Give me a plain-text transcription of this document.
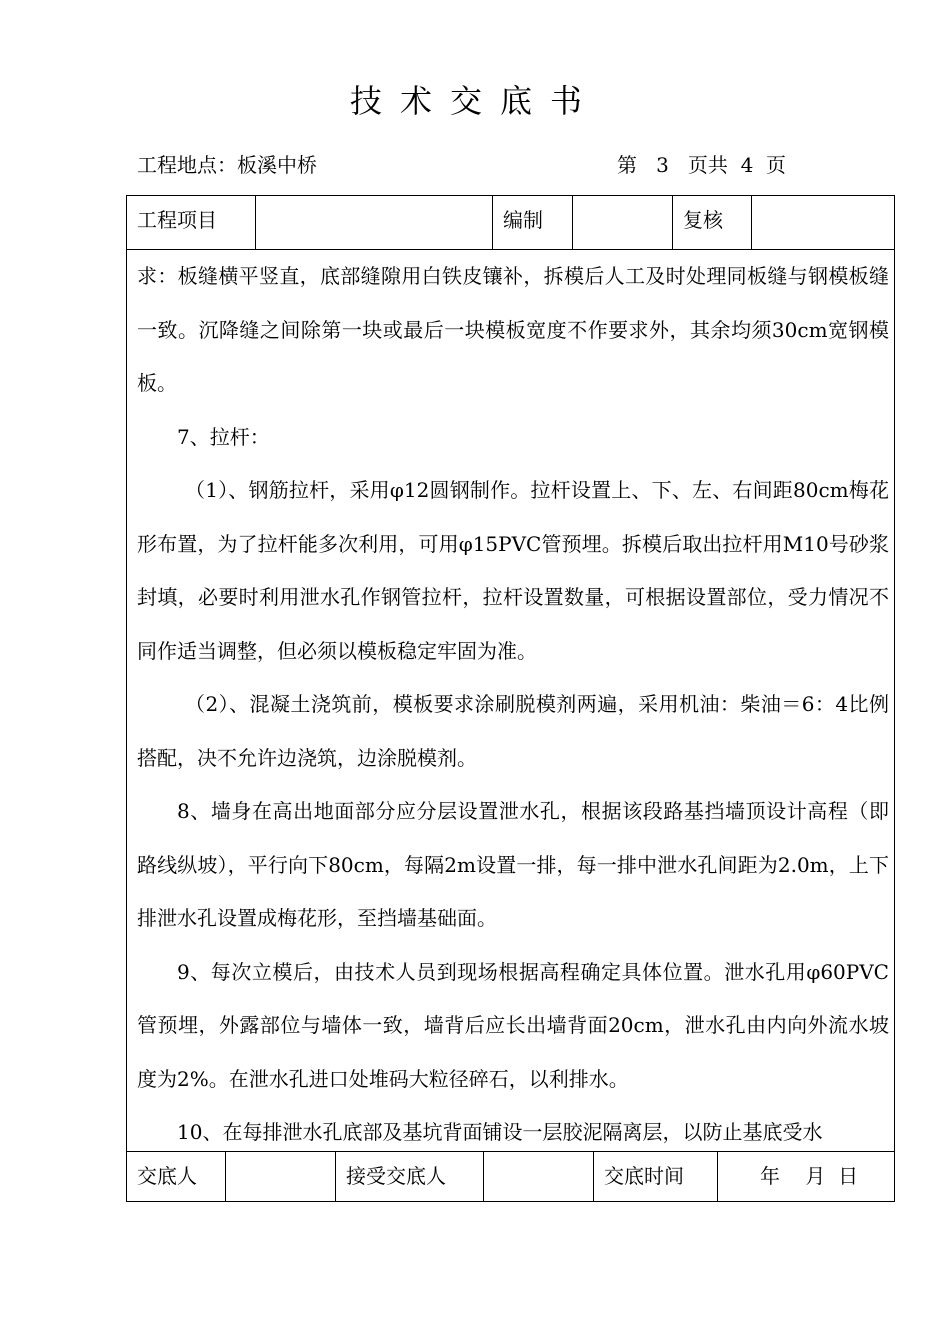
技术交底书
工程地点：板溪中桥	第   3   页共  4  页
工程项目	编制	复核

求：板缝横平竖直，底部缝隙用白铁皮镶补，拆模后人工及时处理同板缝与钢模板缝一致。沉降缝之间除第一块或最后一块模板宽度不作要求外，其余均须30cm宽钢模板。

7、拉杆：

（1）、钢筋拉杆，采用φ12圆钢制作。拉杆设置上、下、左、右间距80cm梅花形布置，为了拉杆能多次利用，可用φ15PVC管预埋。拆模后取出拉杆用M10号砂浆封填，必要时利用泄水孔作钢管拉杆，拉杆设置数量，可根据设置部位，受力情况不同作适当调整，但必须以模板稳定牢固为准。

（2）、混凝土浇筑前，模板要求涂刷脱模剂两遍，采用机油：柴油＝6：4比例搭配，决不允许边浇筑，边涂脱模剂。

8、墙身在高出地面部分应分层设置泄水孔，根据该段路基挡墙顶设计高程（即路线纵坡），平行向下80cm，每隔2m设置一排，每一排中泄水孔间距为2.0m，上下排泄水孔设置成梅花形，至挡墙基础面。

9、每次立模后，由技术人员到现场根据高程确定具体位置。泄水孔用φ60PVC管预埋，外露部位与墙体一致，墙背后应长出墙背面20cm，泄水孔由内向外流水坡度为2%。在泄水孔进口处堆码大粒径碎石，以利排水。

10、在每排泄水孔底部及基坑背面铺设一层胶泥隔离层，以防止基底受水

交底人	接受交底人	交底时间	年    月  日
